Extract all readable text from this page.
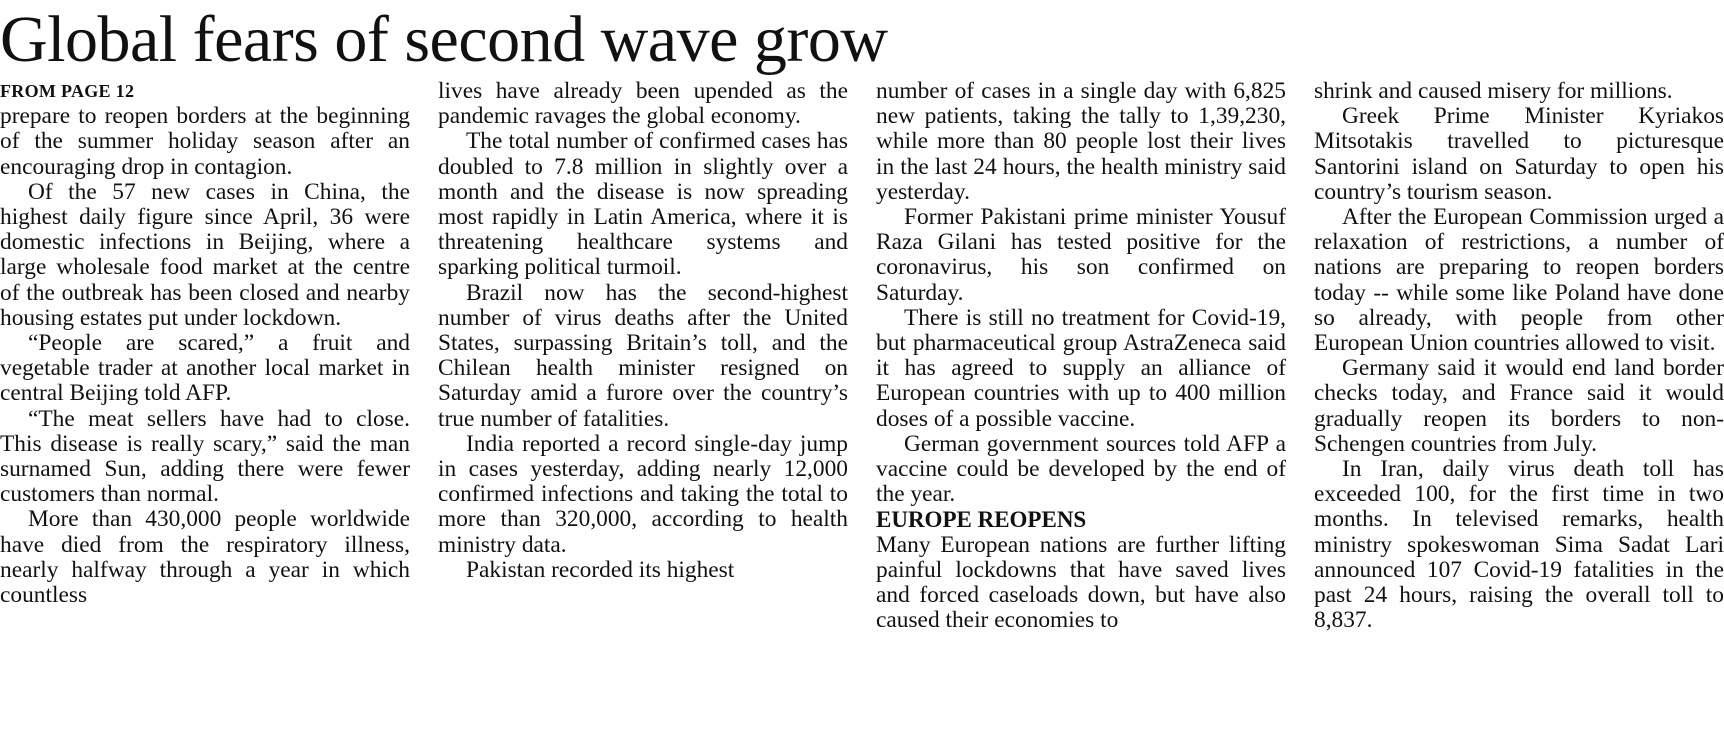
Global fears of second wave grow
FROM PAGE 12

prepare to reopen borders at the beginning of the summer holiday season after an encouraging drop in contagion.

Of the 57 new cases in China, the highest daily figure since April, 36 were domestic infections in Beijing, where a large wholesale food market at the centre of the outbreak has been closed and nearby housing estates put under lockdown.

“People are scared,” a fruit and vegetable trader at another local market in central Beijing told AFP.

“The meat sellers have had to close. This disease is really scary,” said the man surnamed Sun, adding there were fewer customers than normal.

More than 430,000 people worldwide have died from the respiratory illness, nearly halfway through a year in which countless

lives have already been upended as the pandemic ravages the global economy.

The total number of confirmed cases has doubled to 7.8 million in slightly over a month and the disease is now spreading most rapidly in Latin America, where it is threatening healthcare systems and sparking political turmoil.

Brazil now has the second-highest number of virus deaths after the United States, surpassing Britain’s toll, and the Chilean health minister resigned on Saturday amid a furore over the country’s true number of fatalities.

India reported a record single-day jump in cases yesterday, adding nearly 12,000 confirmed infections and taking the total to more than 320,000, according to health ministry data.

Pakistan recorded its highest

number of cases in a single day with 6,825 new patients, taking the tally to 1,39,230, while more than 80 people lost their lives in the last 24 hours, the health ministry said yesterday.

Former Pakistani prime minister Yousuf Raza Gilani has tested positive for the coronavirus, his son confirmed on Saturday.

There is still no treatment for Covid-19, but pharmaceutical group AstraZeneca said it has agreed to supply an alliance of European countries with up to 400 million doses of a possible vaccine.

German government sources told AFP a vaccine could be developed by the end of the year.

EUROPE REOPENS

Many European nations are further lifting painful lockdowns that have saved lives and forced caseloads down, but have also caused their economies to

shrink and caused misery for millions.

Greek Prime Minister Kyriakos Mitsotakis travelled to picturesque Santorini island on Saturday to open his country’s tourism season.

After the European Commission urged a relaxation of restrictions, a number of nations are preparing to reopen borders today -- while some like Poland have done so already, with people from other European Union countries allowed to visit.

Germany said it would end land border checks today, and France said it would gradually reopen its borders to non-Schengen countries from July.

In Iran, daily virus death toll has exceeded 100, for the first time in two months. In televised remarks, health ministry spokeswoman Sima Sadat Lari announced 107 Covid-19 fatalities in the past 24 hours, raising the overall toll to 8,837.
